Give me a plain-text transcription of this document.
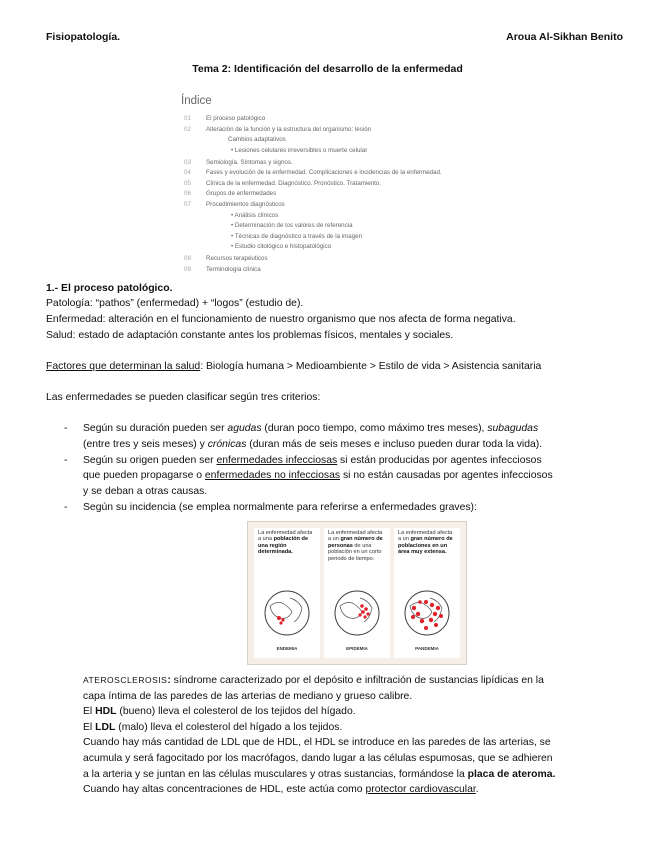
Fisiopatología.	Aroua Al-Sikhan Benito
Tema 2: Identificación del desarrollo de la enfermedad
Índice
01 El proceso patológico
02 Alteración de la función y la estructura del organismo: lesión
Cambios adaptativos
• Lesiones celulares irreversibles o muerte celular
03 Semiología. Síntomas y signos.
04 Fases y evolución de la enfermedad. Complicaciones e incidencias de la enfermedad.
05 Clínica de la enfermedad. Diagnóstico. Pronóstico. Tratamiento.
06 Grupos de enfermedades
07 Procedimientos diagnósticos
• Análisis clínicos
• Determinación de los valores de referencia
• Técnicas de diagnóstico a través de la imagen
• Estudio citológico e histopatológico
08 Recursos terapéuticos
09 Terminología clínica
1.- El proceso patológico.
Patología: “pathos” (enfermedad) + “logos” (estudio de).
Enfermedad: alteración en el funcionamiento de nuestro organismo que nos afecta de forma negativa.
Salud: estado de adaptación constante antes los problemas físicos, mentales y sociales.
Factores que determinan la salud: Biología humana > Medioambiente > Estilo de vida > Asistencia sanitaria
Las enfermedades se pueden clasificar según tres criterios:
- Según su duración pueden ser agudas (duran poco tiempo, como máximo tres meses), subagudas
(entre tres y seis meses) y crónicas (duran más de seis meses e incluso pueden durar toda la vida).
- Según su origen pueden ser enfermedades infecciosas si están producidas por agentes infecciosos
que pueden propagarse o enfermedades no infecciosas si no están causadas por agentes infecciosos
y se deban a otras causas.
- Según su incidencia (se emplea normalmente para referirse a enfermedades graves):
La enfermedad afecta a una población de una región determinada.
ENDEMIA
La enfermedad afecta a un gran número de personas de una población en un corto periodo de tiempo.
EPIDEMIA
La enfermedad afecta a un gran número de poblaciones en un área muy extensa.
PANDEMIA
ATEROSCLEROSIS: síndrome caracterizado por el depósito e infiltración de sustancias lipídicas en la
capa íntima de las paredes de las arterias de mediano y grueso calibre.
El HDL (bueno) lleva el colesterol de los tejidos del hígado.
El LDL (malo) lleva el colesterol del hígado a los tejidos.
Cuando hay más cantidad de LDL que de HDL, el HDL se introduce en las paredes de las arterias, se
acumula y será fagocitado por los macrófagos, dando lugar a las células espumosas, que se adhieren
a la arteria y se juntan en las células musculares y otras sustancias, formándose la placa de ateroma.
Cuando hay altas concentraciones de HDL, este actúa como protector cardiovascular.
